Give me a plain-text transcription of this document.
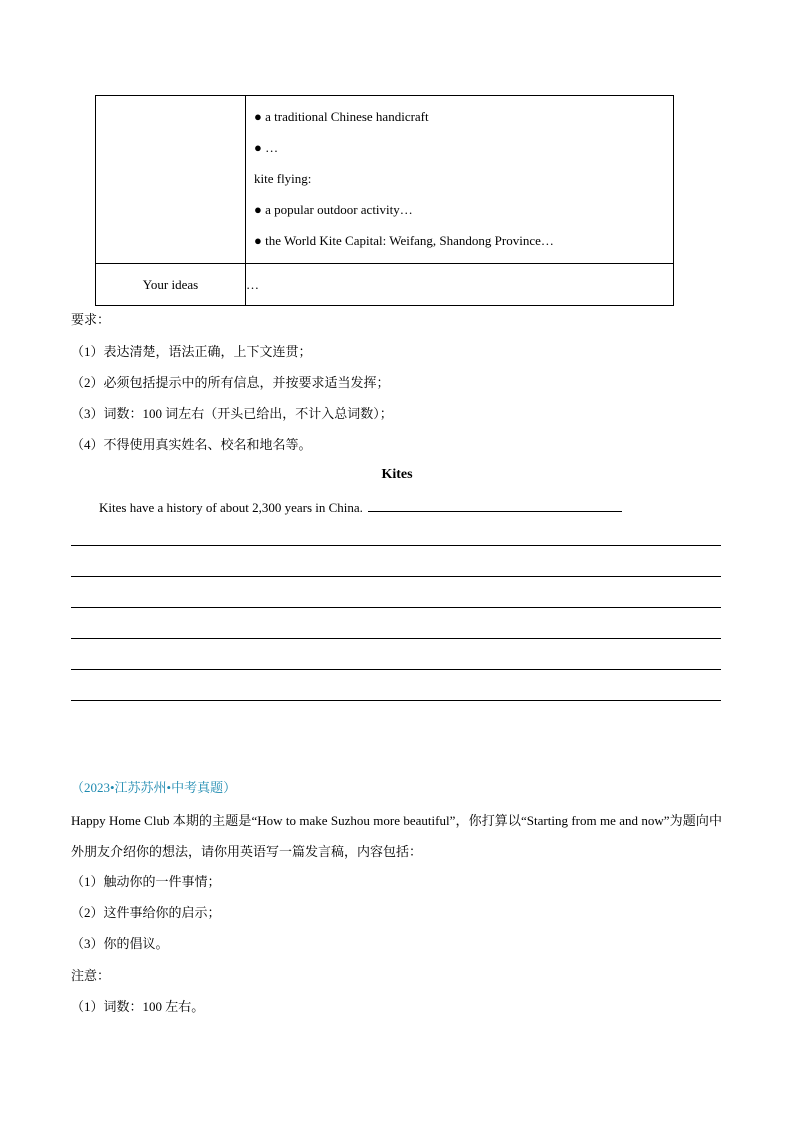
	● a traditional Chinese handicraft
● …
kite flying:
● a popular outdoor activity…
● the World Kite Capital: Weifang, Shandong Province…

Your ideas	…
要求：
（1）表达清楚，语法正确，上下文连贯；
（2）必须包括提示中的所有信息，并按要求适当发挥；
（3）词数：100 词左右（开头已给出，不计入总词数）；
（4）不得使用真实姓名、校名和地名等。
Kites
Kites have a history of about 2,300 years in China.
（2023•江苏苏州•中考真题）
Happy Home Club 本期的主题是“How to make Suzhou more beautiful”，你打算以“Starting from me and now”为题向中外朋友介绍你的想法，请你用英语写一篇发言稿，内容包括：
（1）触动你的一件事情；
（2）这件事给你的启示；
（3）你的倡议。
注意：
（1）词数：100 左右。
